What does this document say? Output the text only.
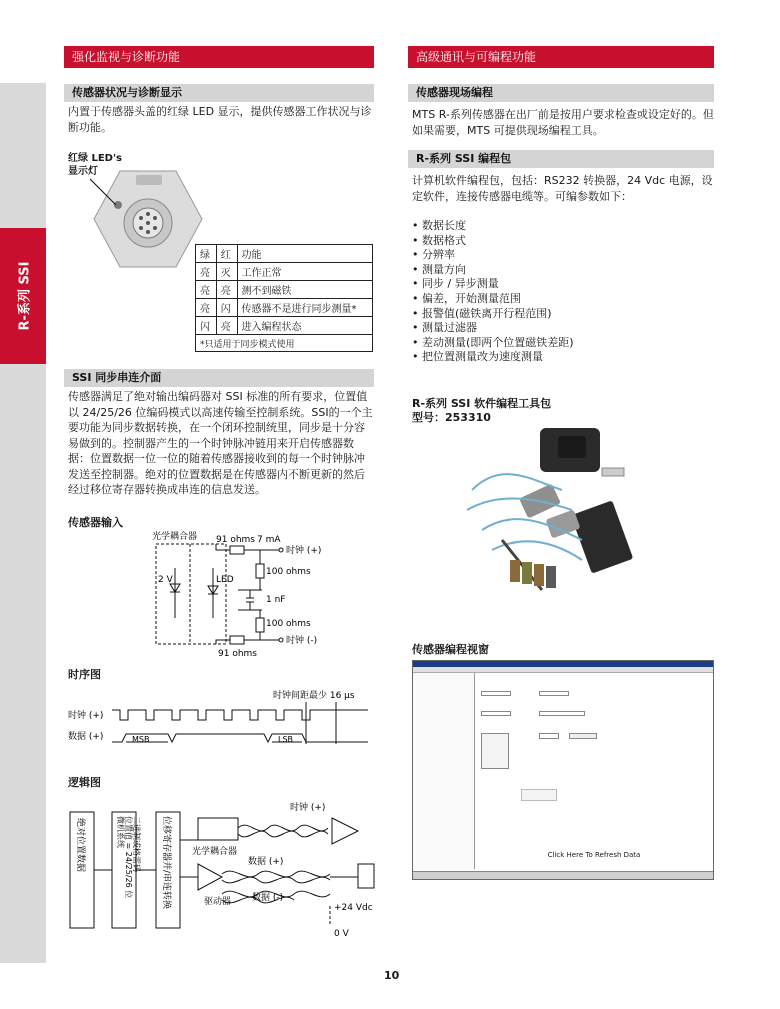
R-系列 SSI
强化监视与诊断功能
传感器状况与诊断显示
内置于传感器头盖的红绿 LED 显示，提供传感器工作状况与诊断功能。
红绿 LED's
显示灯
绿	红	功能
亮	灭	工作正常
亮	亮	测不到磁铁
亮	闪	传感器不是进行同步测量*
闪	亮	进入编程状态
*只适用于同步模式使用		
SSI 同步串连介面
传感器满足了绝对输出编码器对 SSI 标准的所有要求，位置值以 24/25/26 位编码模式以高速传输至控制系统。SSI的一个主要功能为同步数据转换，在一个闭环控制统里，同步是十分容易做到的。控制器产生的一个时钟脉冲链用来开启传感器数据：位置数据一位一位的随着传感器接收到的每一个时钟脉冲发送至控制器。绝对的位置数据是在传感器内不断更新的然后经过移位寄存器转换成串连的信息发送。
传感器输入
光学耦合器 91 ohms 7 mA
时钟 (+)
100 ohms
2 V	LED
1 nF
100 ohms
时钟 (-)
91 ohms
时序图
时钟间距最少 16 μs
时钟 (+)
数据 (+)	MSB	LSB
逻辑图
时钟 (+)
光学耦合器
数据 (+)
驱动器 数据 (-)
+24 Vdc
0 V
绝对位置数据	微机系统 位置值 = 24/25/26 位 二进制或格雷码 位移寄存器并/串连转换
高级通讯与可编程功能
传感器现场编程
MTS R-系列传感器在出厂前是按用户要求检查或设定好的。但如果需要，MTS 可提供现场编程工具。
R-系列 SSI 编程包
计算机软件编程包，包括：RS232 转换器，24 Vdc 电源，设定软件，连接传感器电缆等。可编参数如下：
• 数据长度
• 数据格式
• 分辨率
• 测量方向
• 同步 / 异步测量
• 偏差，开始测量范围
• 报警值(磁铁离开行程范围)
• 测量过滤器
• 差动测量(即两个位置磁铁差距)
• 把位置测量改为速度测量
R-系列 SSI 软件编程工具包
型号：253310
传感器编程视窗
Click Here To Refresh Data
10
